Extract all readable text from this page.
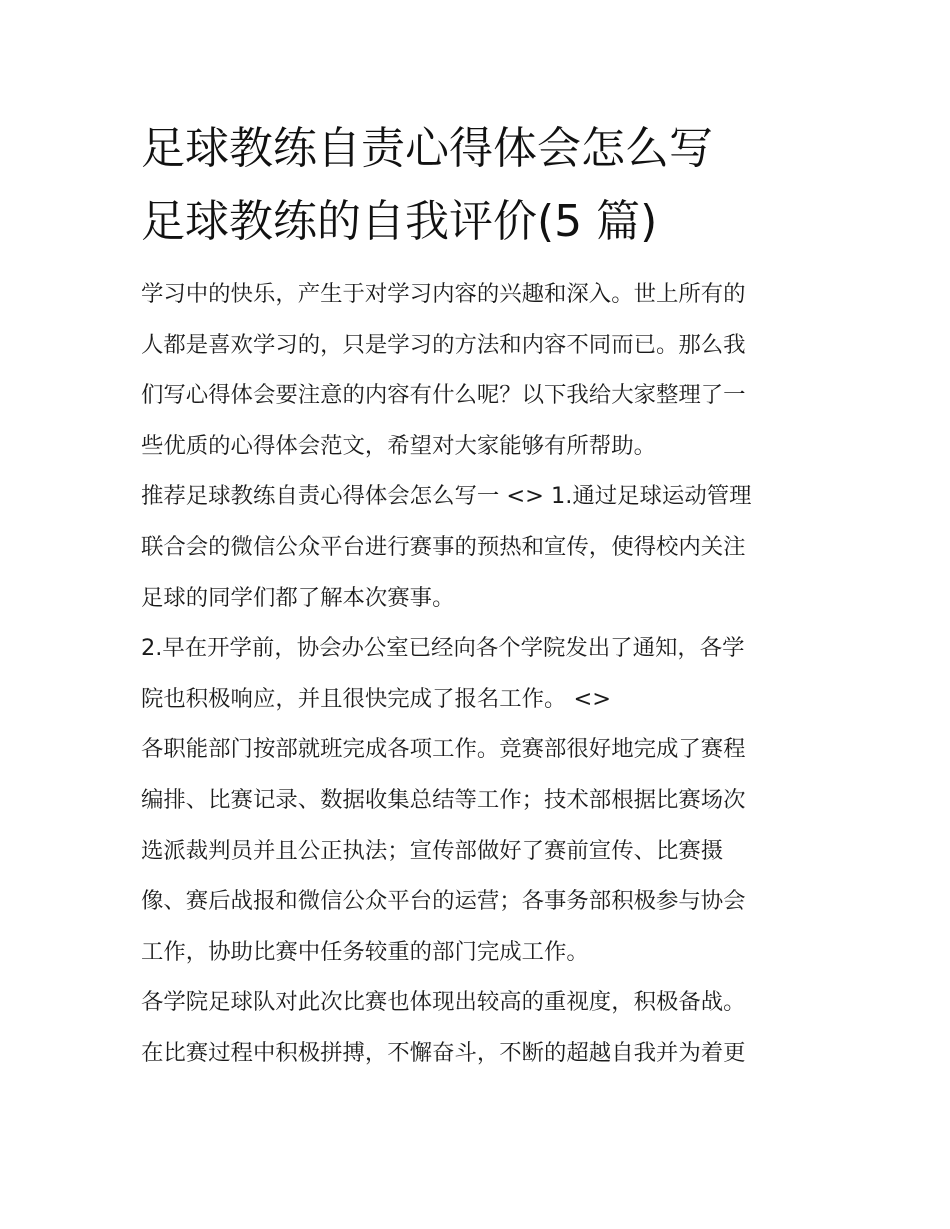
足球教练自责心得体会怎么写
足球教练的自我评价(5 篇)
学习中的快乐，产生于对学习内容的兴趣和深入。世上所有的
人都是喜欢学习的，只是学习的方法和内容不同而已。那么我
们写心得体会要注意的内容有什么呢？以下我给大家整理了一
些优质的心得体会范文，希望对大家能够有所帮助。
推荐足球教练自责心得体会怎么写一 <> 1.通过足球运动管理
联合会的微信公众平台进行赛事的预热和宣传，使得校内关注
足球的同学们都了解本次赛事。
2.早在开学前，协会办公室已经向各个学院发出了通知，各学
院也积极响应，并且很快完成了报名工作。 <>
各职能部门按部就班完成各项工作。竞赛部很好地完成了赛程
编排、比赛记录、数据收集总结等工作；技术部根据比赛场次
选派裁判员并且公正执法；宣传部做好了赛前宣传、比赛摄
像、赛后战报和微信公众平台的运营；各事务部积极参与协会
工作，协助比赛中任务较重的部门完成工作。
各学院足球队对此次比赛也体现出较高的重视度，积极备战。
在比赛过程中积极拼搏，不懈奋斗，不断的超越自我并为着更
